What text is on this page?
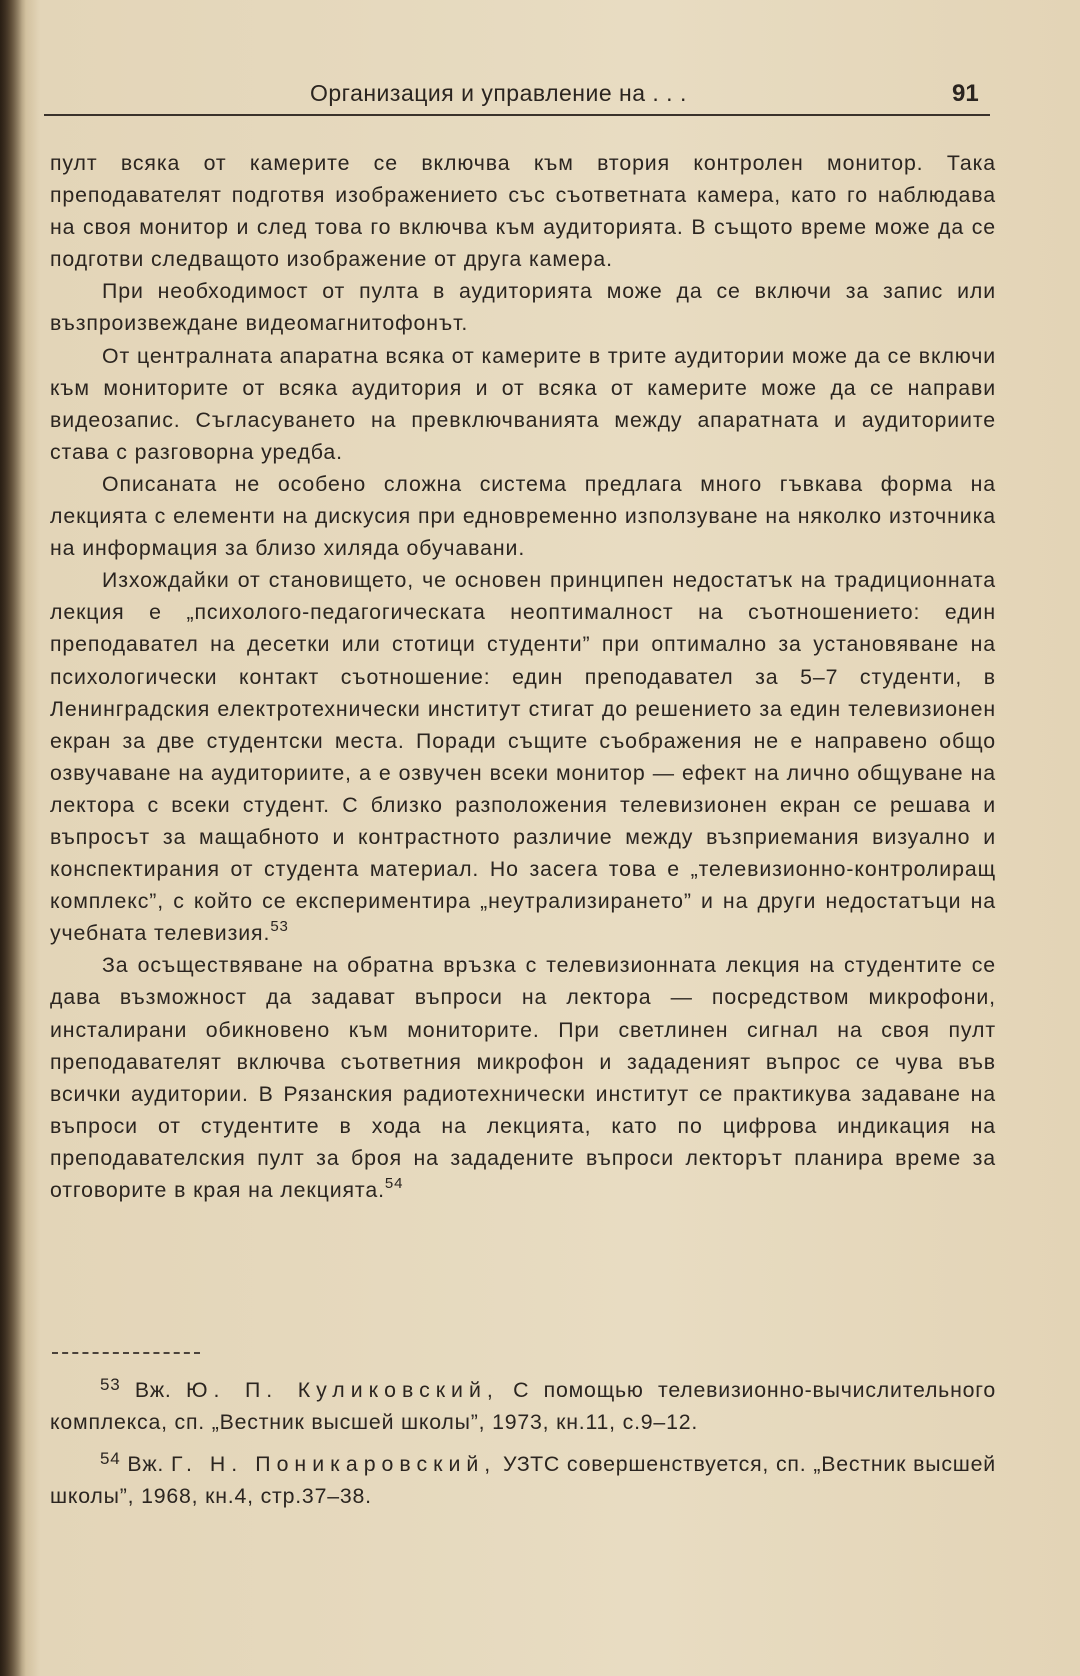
Организация и управление на . . .	91

пулт всяка от камерите се включва към втория контролен монитор. Така преподавателят подготвя изображението със съответната камера, като го наблюдава на своя монитор и след това го включва към аудиторията. В същото време може да се подготви следващото изображение от друга камера.

При необходимост от пулта в аудиторията може да се включи за запис или възпроизвеждане видеомагнитофонът.

От централната апаратна всяка от камерите в трите аудитории може да се включи към мониторите от всяка аудитория и от всяка от камерите може да се направи видеозапис. Съгласуването на превключванията между апаратната и аудиториите става с разговорна уредба.

Описаната не особено сложна система предлага много гъвкава форма на лекцията с елементи на дискусия при едновременно използуване на няколко източника на информация за близо хиляда обучавани.

Изхождайки от становището, че основен принципен недостатък на традиционната лекция е „психолого-педагогическата неоптималност на съотношението: един преподавател на десетки или стотици студенти” при оптимално за установяване на психологически контакт съотношение: един преподавател за 5–7 студенти, в Ленинградския електротехнически институт стигат до решението за един телевизионен екран за две студентски места. Поради същите съображения не е направено общо озвучаване на аудиториите, а е озвучен всеки монитор — ефект на лично общуване на лектора с всеки студент. С близко разположения телевизионен екран се решава и въпросът за мащабното и контрастното различие между възприемания визуално и конспектирания от студента материал. Но засега това е „телевизионно-контролиращ комплекс”, с който се експериментира „неутрализирането” и на други недостатъци на учебната телевизия.$^{53}$

За осъществяване на обратна връзка с телевизионната лекция на студентите се дава възможност да задават въпроси на лектора — посредством микрофони, инсталирани обикновено към мониторите. При светлинен сигнал на своя пулт преподавателят включва съответния микрофон и зададеният въпрос се чува във всички аудитории. В Рязанския радиотехнически институт се практикува задаване на въпроси от студентите в хода на лекцията, като по цифрова индикация на преподавателския пулт за броя на зададените въпроси лекторът планира време за отговорите в края на лекцията.$^{54}$

$^{53}$ Вж. Ю. П. Куликовский, С помощью телевизионно-вычислительного комплекса, сп. „Вестник высшей школы”, 1973, кн.11, с.9–12.

$^{54}$ Вж. Г. Н. Поникаровский, УЗТС совершенствуется, сп. „Вестник высшей школы”, 1968, кн.4, стр.37–38.
